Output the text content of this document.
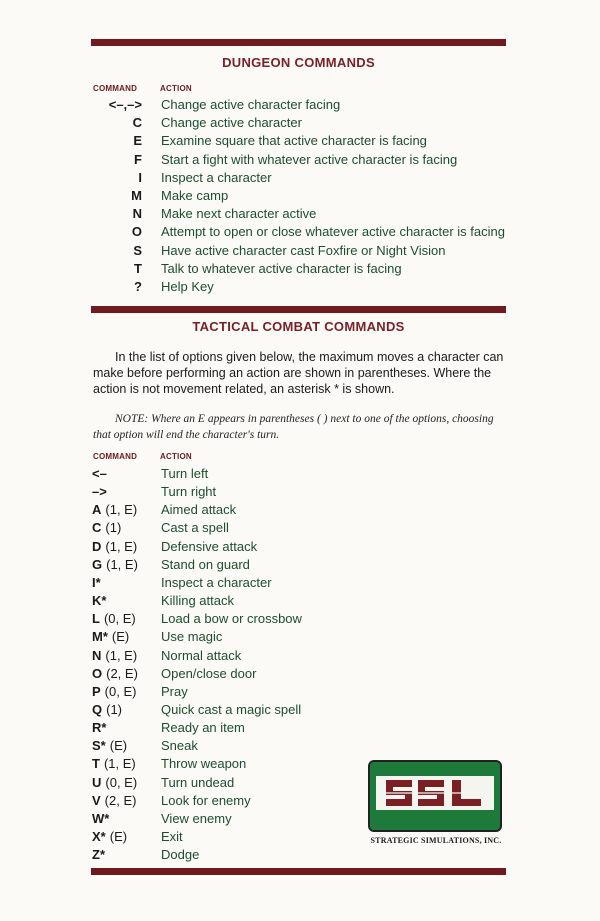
DUNGEON COMMANDS
COMMAND	ACTION
<–,–> Change active character facing
C Change active character
E Examine square that active character is facing
F Start a fight with whatever active character is facing
I Inspect a character
M Make camp
N Make next character active
O Attempt to open or close whatever active character is facing
S Have active character cast Foxfire or Night Vision
T Talk to whatever active character is facing
? Help Key
TACTICAL COMBAT COMMANDS

In the list of options given below, the maximum moves a character can make before performing an action are shown in parentheses. Where the action is not movement related, an asterisk * is shown.

NOTE: Where an E appears in parentheses ( ) next to one of the options, choosing that option will end the character's turn.
COMMAND	ACTION
<–	Turn left
–>	Turn right
A (1, E) Aimed attack
C (1)	Cast a spell
D (1, E) Defensive attack
G (1, E) Stand on guard
I*	Inspect a character
K*	Killing attack
L (0, E) Load a bow or crossbow
M* (E) Use magic
N (1, E) Normal attack
O (2, E) Open/close door
P (0, E) Pray
Q (1)	Quick cast a magic spell
R*	Ready an item
S* (E)	Sneak
T (1, E) Throw weapon
U (0, E) Turn undead
V (2, E) Look for enemy
W*	View enemy
X* (E)	Exit
Z*	Dodge
STRATEGIC SIMULATIONS, INC.
